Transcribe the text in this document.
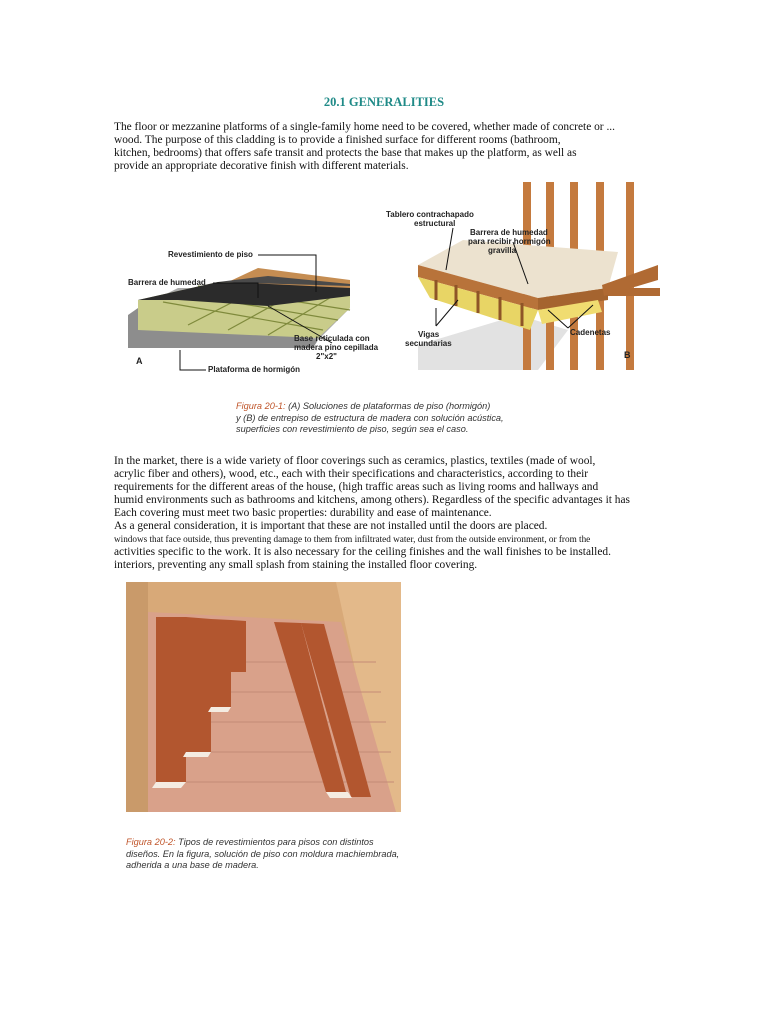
20.1 GENERALITIES
The floor or mezzanine platforms of a single-family home need to be covered, whether made of concrete or ...
wood. The purpose of this cladding is to provide a finished surface for different rooms (bathroom,
kitchen, bedrooms) that offers safe transit and protects the base that makes up the platform, as well as
provide an appropriate decorative finish with different materials.
Revestimiento de piso
Barrera de humedad
Base reticulada con
madera pino cepillada
2"x2"
Plataforma de hormigón
A
Tablero contrachapado
estructural
Barrera de humedad
para recibir hormigón
gravilla
Vigas
secundarias
Cadenetas
B
Figura 20-1: (A) Soluciones de plataformas de piso (hormigón)
y (B) de entrepiso de estructura de madera con solución acústica,
superficies con revestimiento de piso, según sea el caso.
In the market, there is a wide variety of floor coverings such as ceramics, plastics, textiles (made of wool,
acrylic fiber and others), wood, etc., each with their specifications and characteristics, according to their
requirements for the different areas of the house, (high traffic areas such as living rooms and hallways and
humid environments such as bathrooms and kitchens, among others). Regardless of the specific advantages it has
Each covering must meet two basic properties: durability and ease of maintenance.
As a general consideration, it is important that these are not installed until the doors are placed.
windows that face outside, thus preventing damage to them from infiltrated water, dust from the outside environment, or from the
activities specific to the work. It is also necessary for the ceiling finishes and the wall finishes to be installed.
interiors, preventing any small splash from staining the installed floor covering.
Figura 20-2: Tipos de revestimientos para pisos con distintos
diseños. En la figura, solución de piso con moldura machiembrada,
adherida a una base de madera.
